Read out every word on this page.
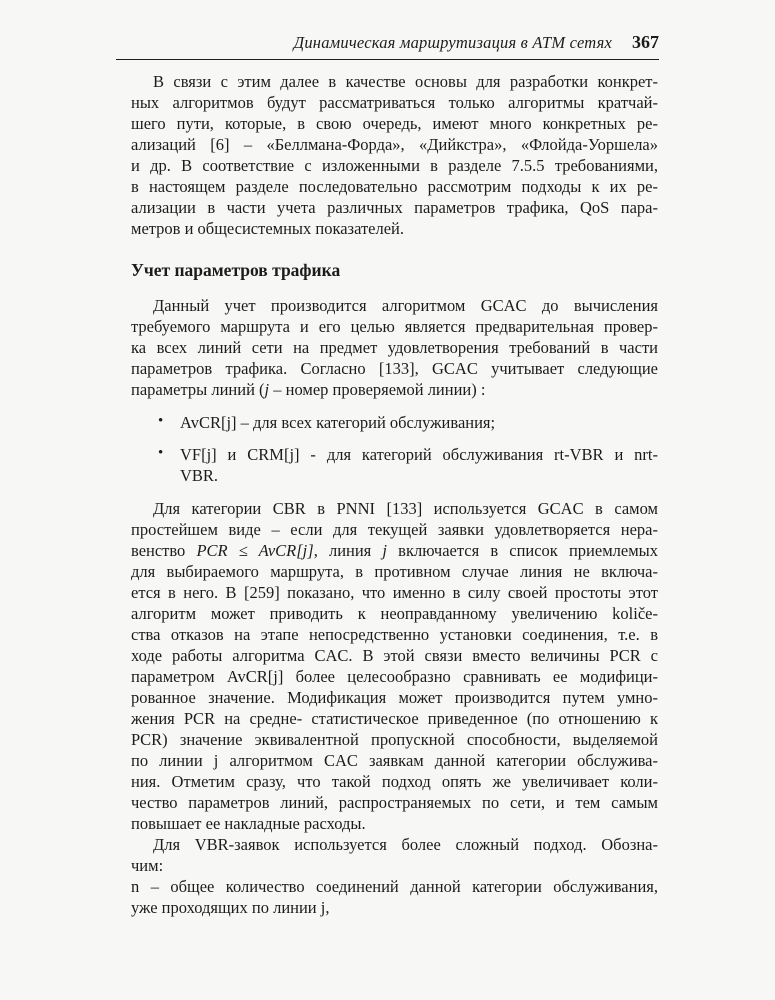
Динамическая маршрутизация в ATM сетях 367
В связи с этим далее в качестве основы для разработки конкрет-
ных алгоритмов будут рассматриваться только алгоритмы кратчай-
шего пути, которые, в свою очередь, имеют много конкретных ре-
ализаций [6] – «Беллмана-Форда», «Дийкстра», «Флойда-Уоршела»
и др. В соответствие с изложенными в разделе 7.5.5 требованиями,
в настоящем разделе последовательно рассмотрим подходы к их ре-
ализации в части учета различных параметров трафика, QoS пара-
метров и общесистемных показателей.
Учет параметров трафика
Данный учет производится алгоритмом GCAC до вычисления
требуемого маршрута и его целью является предварительная провер-
ка всех линий сети на предмет удовлетворения требований в части
параметров трафика. Согласно [133], GCAC учитывает следующие
параметры линий (j – номер проверяемой линии) :
• AvCR[j] – для всех категорий обслуживания;
• VF[j] и CRM[j] - для категорий обслуживания rt-VBR и nrt-
VBR.
Для категории CBR в PNNI [133] используется GCAC в самом
простейшем виде – если для текущей заявки удовлетворяется нера-
венство PCR ≤ AvCR[j], линия j включается в список приемлемых
для выбираемого маршрута, в противном случае линия не включа-
ется в него. В [259] показано, что именно в силу своей простоты этот
алгоритм может приводить к неоправданному увеличению količе-
ства отказов на этапе непосредственно установки соединения, т.е. в
ходе работы алгоритма CAC. В этой связи вместо величины PCR с
параметром AvCR[j] более целесообразно сравнивать ее модифици-
рованное значение. Модификация может производится путем умно-
жения PCR на средне- статистическое приведенное (по отношению к
PCR) значение эквивалентной пропускной способности, выделяемой
по линии j алгоритмом CAC заявкам данной категории обслужива-
ния. Отметим сразу, что такой подход опять же увеличивает коли-
чество параметров линий, распространяемых по сети, и тем самым
повышает ее накладные расходы.
Для VBR-заявок используется более сложный подход. Обозна-
чим:
n – общее количество соединений данной категории обслуживания,
уже проходящих по линии j,
